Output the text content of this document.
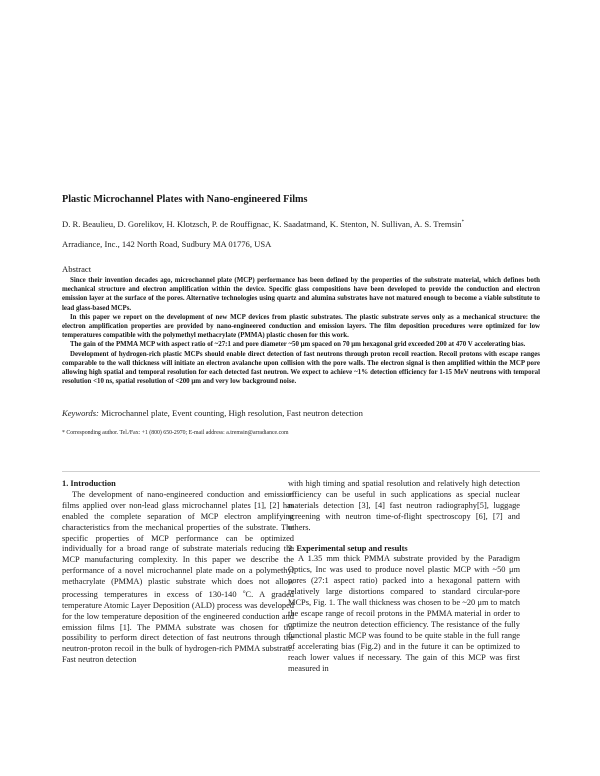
Plastic Microchannel Plates with Nano-engineered Films
D. R. Beaulieu, D. Gorelikov, H. Klotzsch, P. de Rouffignac, K. Saadatmand, K. Stenton, N. Sullivan, A. S. Tremsin*
Arradiance, Inc., 142 North Road, Sudbury MA 01776, USA
Abstract

Since their invention decades ago, microchannel plate (MCP) performance has been defined by the properties of the substrate material, which defines both mechanical structure and electron amplification within the device. Specific glass compositions have been developed to provide the conduction and electron emission layer at the surface of the pores. Alternative technologies using quartz and alumina substrates have not matured enough to become a viable substitute to lead glass-based MCPs.

In this paper we report on the development of new MCP devices from plastic substrates. The plastic substrate serves only as a mechanical structure: the electron amplification properties are provided by nano-engineered conduction and emission layers. The film deposition procedures were optimized for low temperatures compatible with the polymethyl methacrylate (PMMA) plastic chosen for this work.

The gain of the PMMA MCP with aspect ratio of ~27:1 and pore diameter ~50 μm spaced on 70 μm hexagonal grid exceeded 200 at 470 V accelerating bias.

Development of hydrogen-rich plastic MCPs should enable direct detection of fast neutrons through proton recoil reaction. Recoil protons with escape ranges comparable to the wall thickness will initiate an electron avalanche upon collision with the pore walls. The electron signal is then amplified within the MCP pore allowing high spatial and temporal resolution for each detected fast neutron. We expect to achieve ~1% detection efficiency for 1-15 MeV neutrons with temporal resolution <10 ns, spatial resolution of <200 μm and very low background noise.

Keywords: Microchannel plate, Event counting, High resolution, Fast neutron detection
* Corresponding author. Tel./Fax: +1 (800) 650-2970; E-mail address: a.tremsin@arradiance.com

1. Introduction

The development of nano-engineered conduction and emission films applied over non-lead glass microchannel plates [1], [2] has enabled the complete separation of MCP electron amplifying characteristics from the mechanical properties of the substrate. The specific properties of MCP performance can be optimized individually for a broad range of substrate materials reducing the MCP manufacturing complexity. In this paper we describe the performance of a novel microchannel plate made on a polymethyl methacrylate (PMMA) plastic substrate which does not allow processing temperatures in excess of 130-140 $^o$C. A graded temperature Atomic Layer Deposition (ALD) process was developed for the low temperature deposition of the engineered conduction and emission films [1]. The PMMA substrate was chosen for the possibility to perform direct detection of fast neutrons through the neutron-proton recoil in the bulk of hydrogen-rich PMMA substrate. Fast neutron detection

with high timing and spatial resolution and relatively high detection efficiency can be useful in such applications as special nuclear materials detection [3], [4] fast neutron radiography[5], luggage screening with neutron time-of-flight spectroscopy [6], [7] and others.

2. Experimental setup and results

A 1.35 mm thick PMMA substrate provided by the Paradigm Optics, Inc was used to produce novel plastic MCP with ~50 μm pores (27:1 aspect ratio) packed into a hexagonal pattern with relatively large distortions compared to standard circular-pore MCPs, Fig. 1. The wall thickness was chosen to be ~20 μm to match the escape range of recoil protons in the PMMA material in order to optimize the neutron detection efficiency. The resistance of the fully functional plastic MCP was found to be quite stable in the full range of accelerating bias (Fig.2) and in the future it can be optimized to reach lower values if necessary. The gain of this MCP was first measured in
